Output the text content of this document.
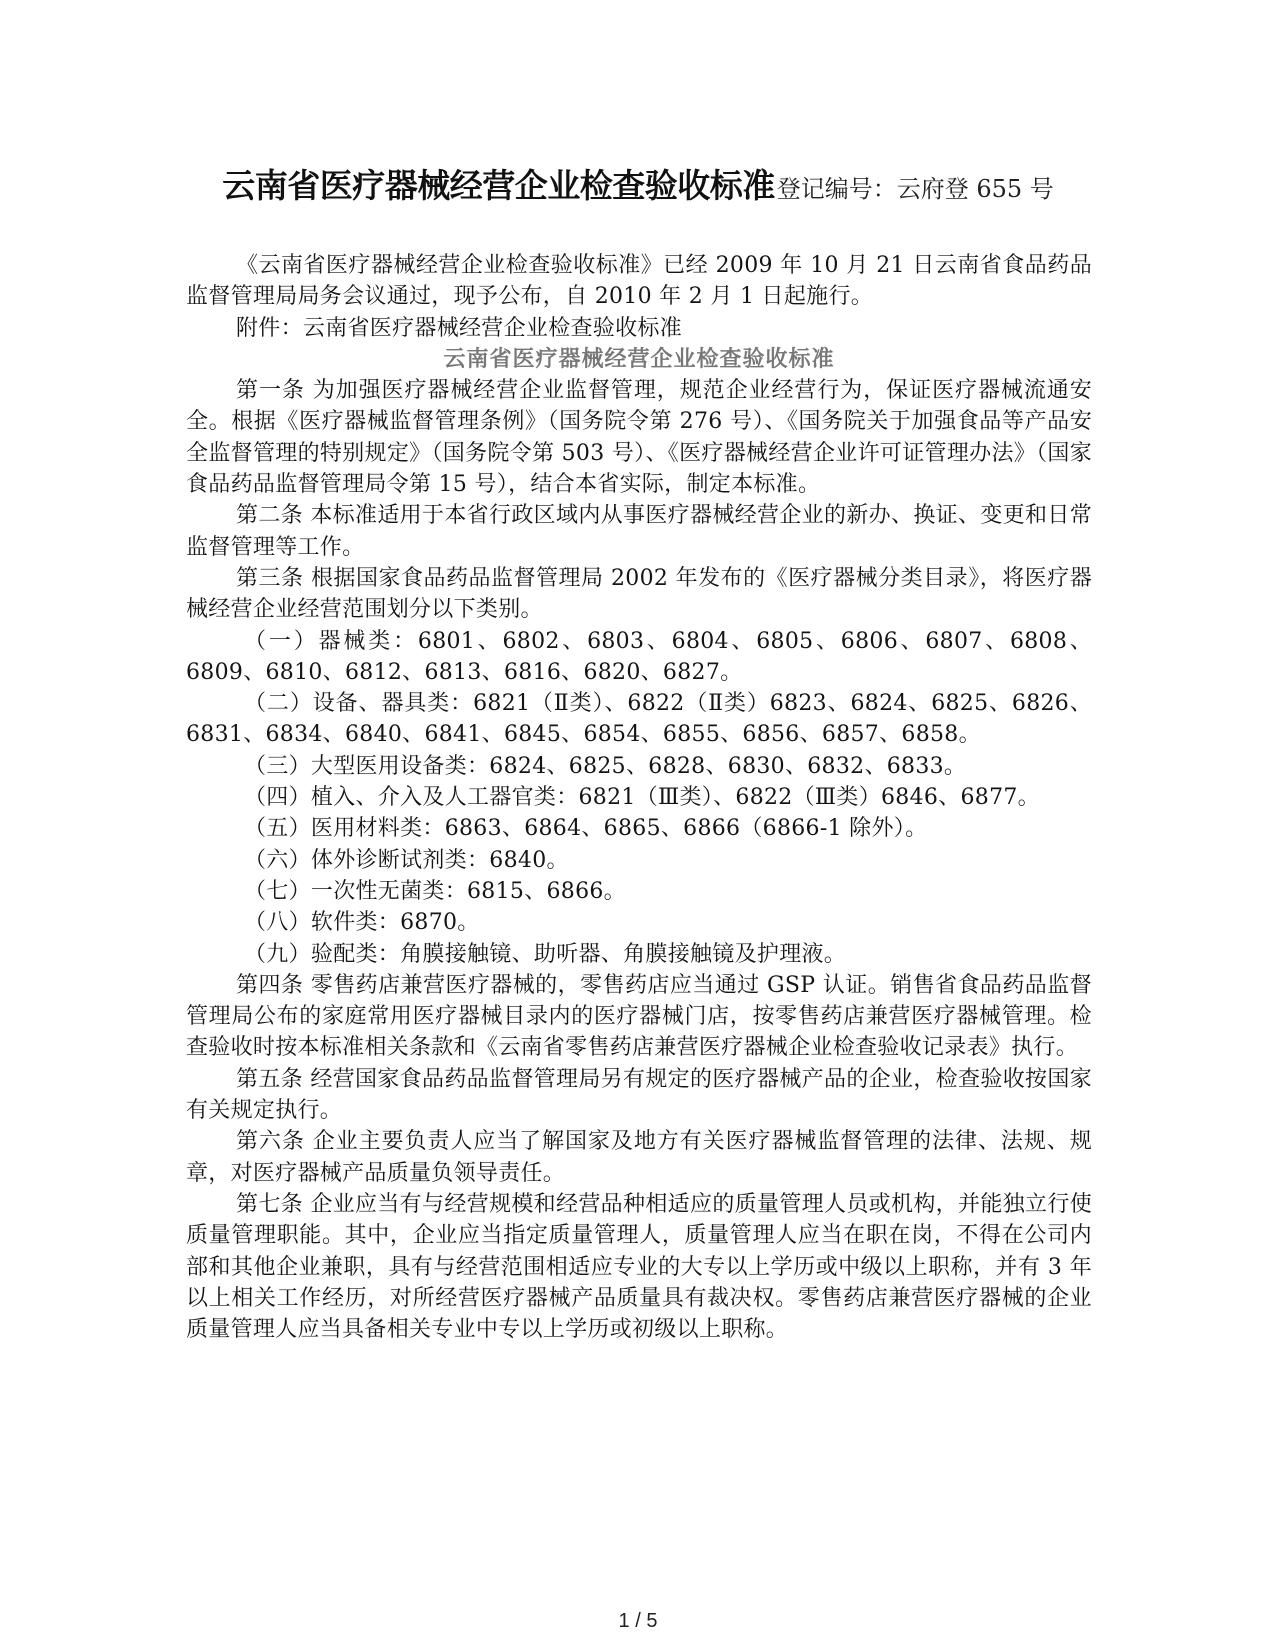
云南省医疗器械经营企业检查验收标准登记编号：云府登 655 号

《云南省医疗器械经营企业检查验收标准》已经 2009 年 10 月 21 日云南省食品药品监督管理局局务会议通过，现予公布，自 2010 年 2 月 1 日起施行。

附件：云南省医疗器械经营企业检查验收标准

云南省医疗器械经营企业检查验收标准

第一条 为加强医疗器械经营企业监督管理，规范企业经营行为，保证医疗器械流通安全。根据《医疗器械监督管理条例》（国务院令第 276 号）、《国务院关于加强食品等产品安全监督管理的特别规定》（国务院令第 503 号）、《医疗器械经营企业许可证管理办法》（国家食品药品监督管理局令第 15 号），结合本省实际，制定本标准。

第二条 本标准适用于本省行政区域内从事医疗器械经营企业的新办、换证、变更和日常监督管理等工作。

第三条 根据国家食品药品监督管理局 2002 年发布的《医疗器械分类目录》，将医疗器械经营企业经营范围划分以下类别。

（一）器械类：6801、6802、6803、6804、6805、6806、6807、6808、6809、6810、6812、6813、6816、6820、6827。

（二）设备、器具类：6821（Ⅱ类）、6822（Ⅱ类）6823、6824、6825、6826、6831、6834、6840、6841、6845、6854、6855、6856、6857、6858。

（三）大型医用设备类：6824、6825、6828、6830、6832、6833。

（四）植入、介入及人工器官类：6821（Ⅲ类）、6822（Ⅲ类）6846、6877。

（五）医用材料类：6863、6864、6865、6866（6866-1 除外）。

（六）体外诊断试剂类：6840。

（七）一次性无菌类：6815、6866。

（八）软件类：6870。

（九）验配类：角膜接触镜、助听器、角膜接触镜及护理液。

第四条 零售药店兼营医疗器械的，零售药店应当通过 GSP 认证。销售省食品药品监督管理局公布的家庭常用医疗器械目录内的医疗器械门店，按零售药店兼营医疗器械管理。检查验收时按本标准相关条款和《云南省零售药店兼营医疗器械企业检查验收记录表》执行。

第五条 经营国家食品药品监督管理局另有规定的医疗器械产品的企业，检查验收按国家有关规定执行。

第六条 企业主要负责人应当了解国家及地方有关医疗器械监督管理的法律、法规、规章，对医疗器械产品质量负领导责任。

第七条 企业应当有与经营规模和经营品种相适应的质量管理人员或机构，并能独立行使质量管理职能。其中，企业应当指定质量管理人，质量管理人应当在职在岗，不得在公司内部和其他企业兼职，具有与经营范围相适应专业的大专以上学历或中级以上职称，并有 3 年以上相关工作经历，对所经营医疗器械产品质量具有裁决权。零售药店兼营医疗器械的企业质量管理人应当具备相关专业中专以上学历或初级以上职称。

1 / 5
